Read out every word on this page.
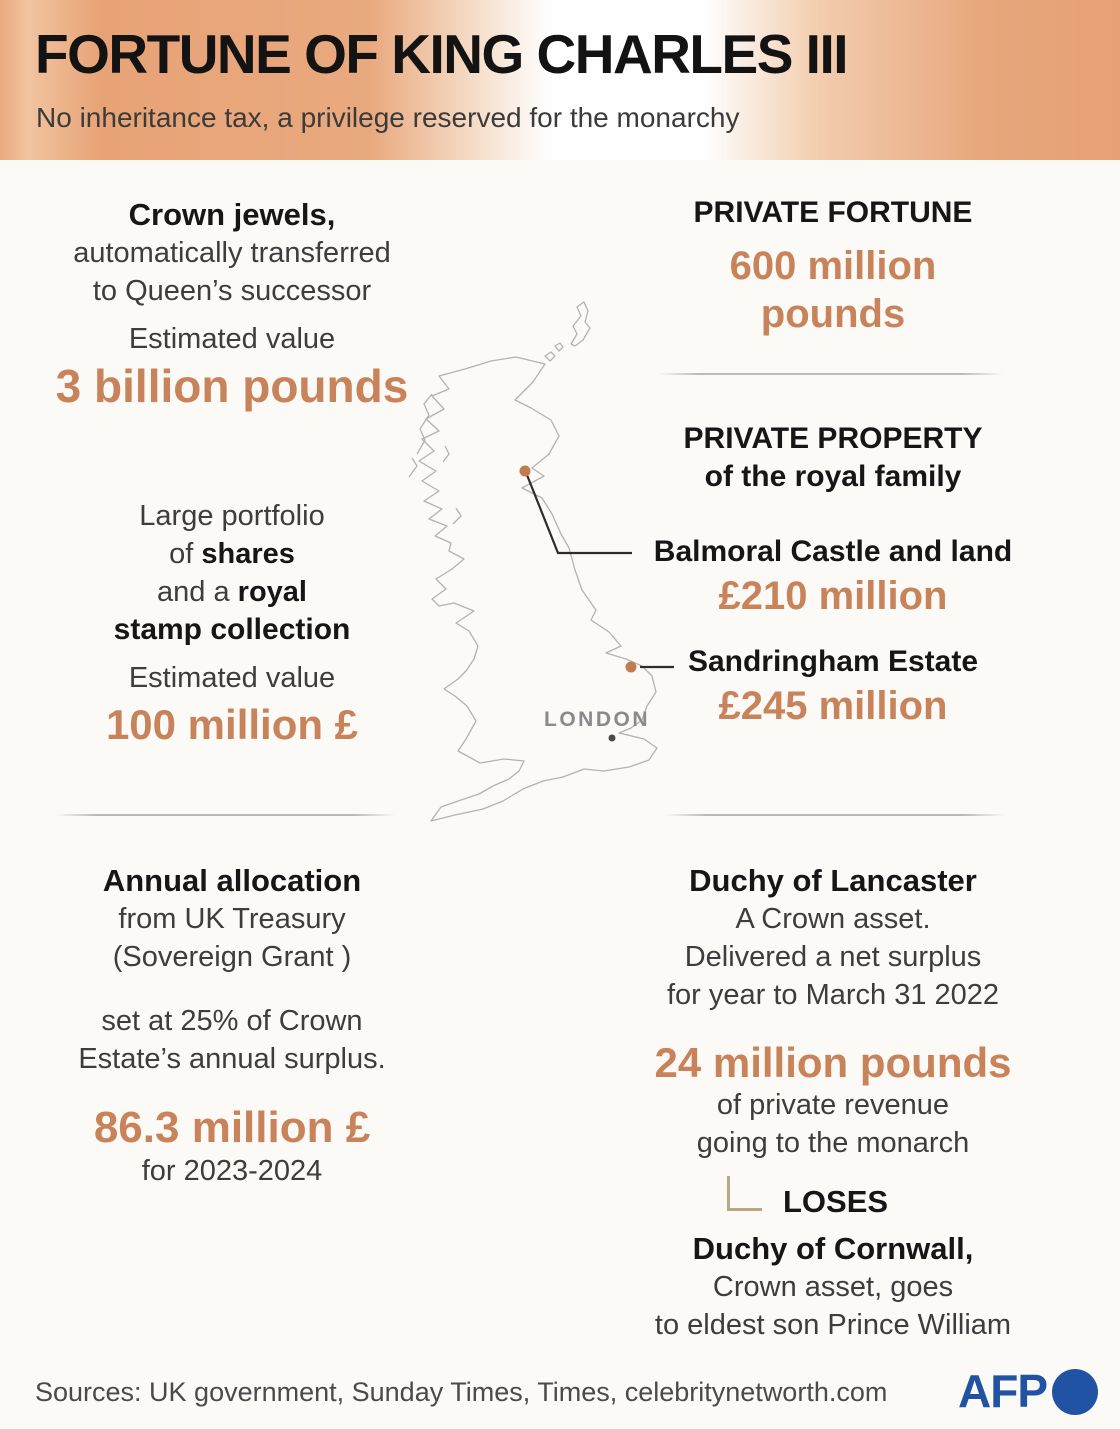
FORTUNE OF KING CHARLES III
No inheritance tax, a privilege reserved for the monarchy
Crown jewels,
automatically transferred
to Queen’s successor
Estimated value
3 billion pounds
PRIVATE FORTUNE
600 million pounds
PRIVATE PROPERTY
of the royal family
Balmoral Castle and land
£210 million
Sandringham Estate
£245 million
Large portfolio
of shares
and a royal
stamp collection
Estimated value
100 million £	LONDON
Annual allocation
from UK Treasury
(Sovereign Grant )
set at 25% of Crown
Estate’s annual surplus.
86.3 million £
for 2023-2024
Duchy of Lancaster
A Crown asset.
Delivered a net surplus
for year to March 31 2022
24 million pounds
of private revenue
going to the monarch
LOSES
Duchy of Cornwall,
Crown asset, goes
to eldest son Prince William
Sources: UK government, Sunday Times, Times, celebritynetworth.com AFP
